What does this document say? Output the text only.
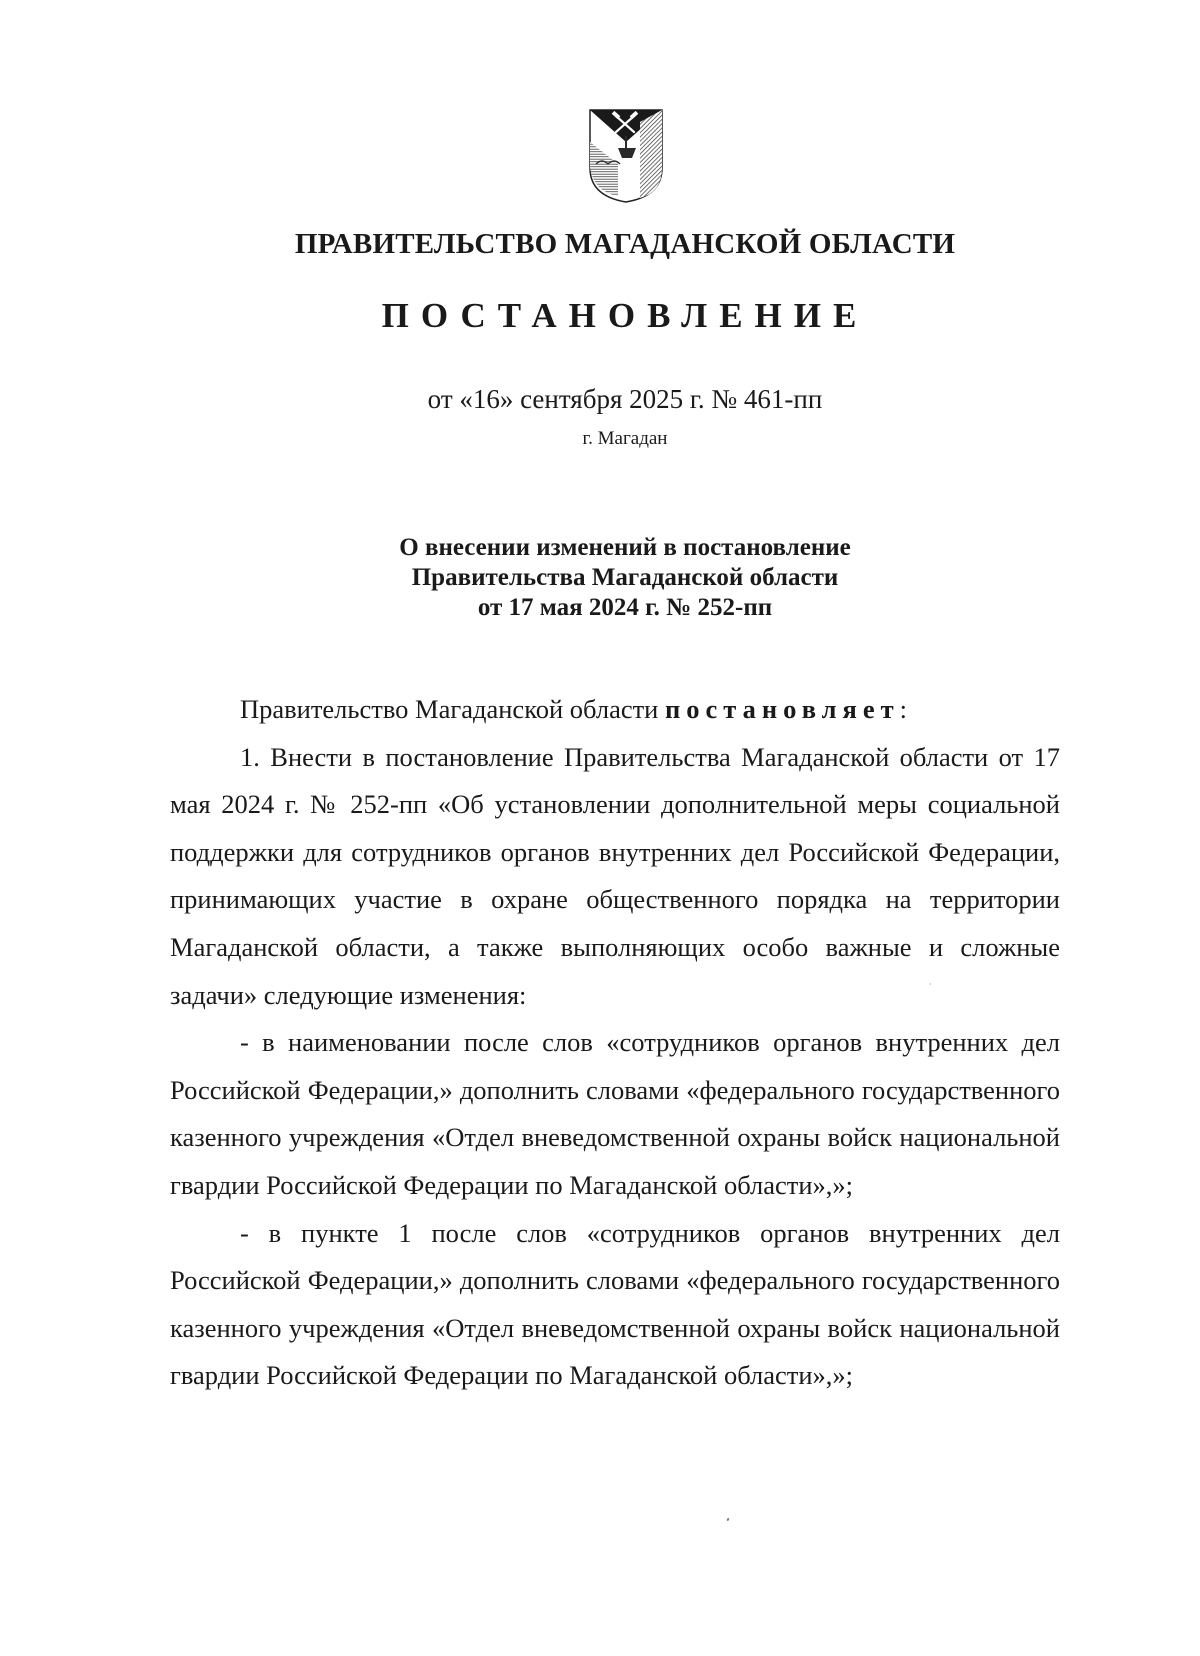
ПРАВИТЕЛЬСТВО МАГАДАНСКОЙ ОБЛАСТИ
ПОСТАНОВЛЕНИЕ
от «16» сентября 2025 г. № 461-пп
г. Магадан
О внесении изменений в постановление
Правительства Магаданской области
от 17 мая 2024 г. № 252-пп

Правительство Магаданской области постановляет:

1. Внести в постановление Правительства Магаданской области от 17 мая 2024 г. № 252-пп «Об установлении дополнительной меры социальной поддержки для сотрудников органов внутренних дел Российской Федерации, принимающих участие в охране общественного порядка на территории Магаданской области, а также выполняющих особо важные и сложные задачи» следующие изменения:

- в наименовании после слов «сотрудников органов внутренних дел Российской Федерации,» дополнить словами «федерального государственного казенного учреждения «Отдел вневедомственной охраны войск национальной гвардии Российской Федерации по Магаданской области»,»;

- в пункте 1 после слов «сотрудников органов внутренних дел Российской Федерации,» дополнить словами «федерального государственного казенного учреждения «Отдел вневедомственной охраны войск национальной гвардии Российской Федерации по Магаданской области»,»;
